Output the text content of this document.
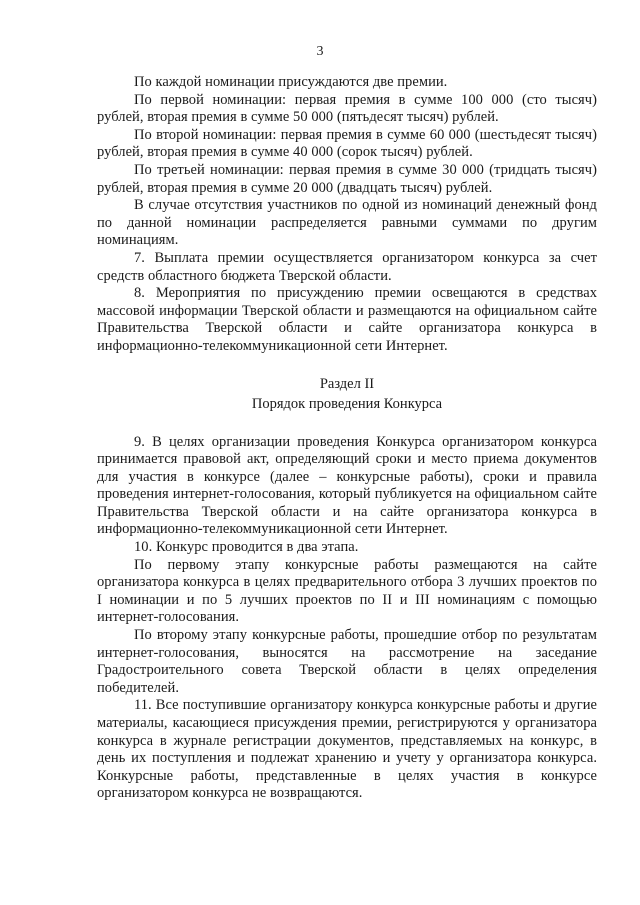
3

По каждой номинации присуждаются две премии.

По первой номинации: первая премия в сумме 100 000 (сто тысяч) рублей, вторая премия в сумме 50 000 (пятьдесят тысяч) рублей.

По второй номинации: первая премия в сумме 60 000 (шестьдесят тысяч) рублей, вторая премия в сумме 40 000 (сорок тысяч) рублей.

По третьей номинации: первая премия в сумме 30 000 (тридцать тысяч) рублей, вторая премия в сумме 20 000 (двадцать тысяч) рублей.

В случае отсутствия участников по одной из номинаций денежный фонд по данной номинации распределяется равными суммами по другим номинациям.

7. Выплата премии осуществляется организатором конкурса за счет средств областного бюджета Тверской области.

8. Мероприятия по присуждению премии освещаются в средствах массовой информации Тверской области и размещаются на официальном сайте Правительства Тверской области и сайте организатора конкурса в информационно-телекоммуникационной сети Интернет.

Раздел II
Порядок проведения Конкурса

9. В целях организации проведения Конкурса организатором конкурса принимается правовой акт, определяющий сроки и место приема документов для участия в конкурсе (далее – конкурсные работы), сроки и правила проведения интернет-голосования, который публикуется на официальном сайте Правительства Тверской области и на сайте организатора конкурса в информационно-телекоммуникационной сети Интернет.

10. Конкурс проводится в два этапа.

По первому этапу конкурсные работы размещаются на сайте организатора конкурса в целях предварительного отбора 3 лучших проектов по I номинации и по 5 лучших проектов по II и III номинациям с помощью интернет-голосования.

По второму этапу конкурсные работы, прошедшие отбор по результатам интернет-голосования, выносятся на рассмотрение на заседание Градостроительного совета Тверской области в целях определения победителей.

11. Все поступившие организатору конкурса конкурсные работы и другие материалы, касающиеся присуждения премии, регистрируются у организатора конкурса в журнале регистрации документов, представляемых на конкурс, в день их поступления и подлежат хранению и учету у организатора конкурса. Конкурсные работы, представленные в целях участия в конкурсе организатором конкурса не возвращаются.
